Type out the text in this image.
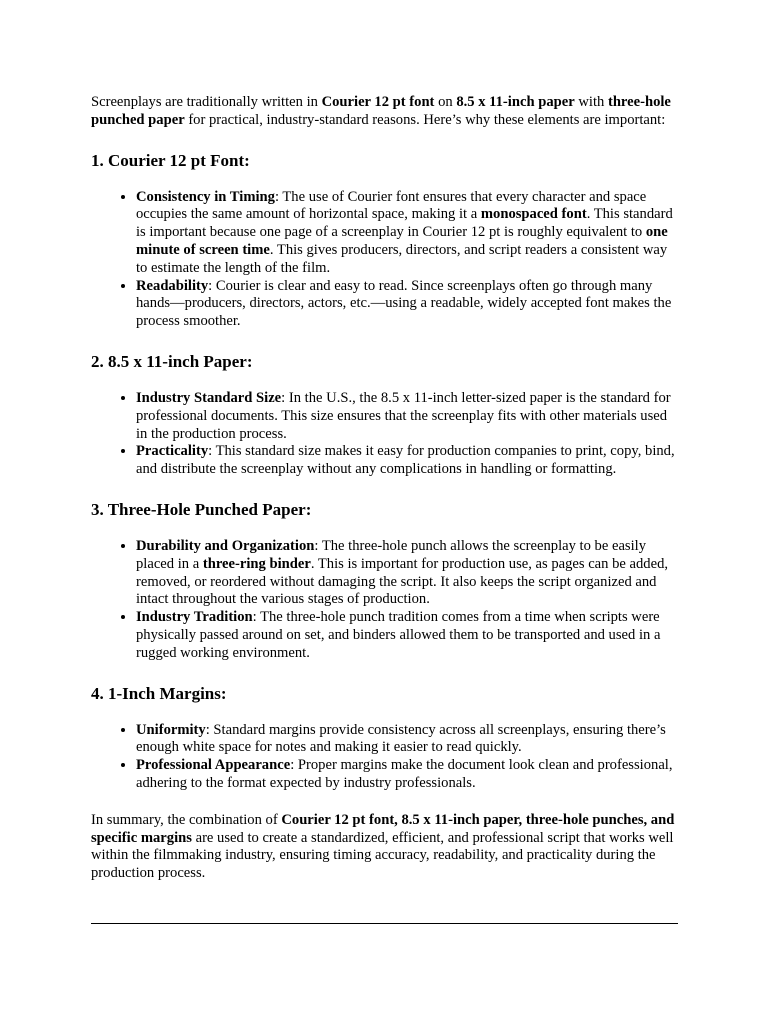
Screenplays are traditionally written in Courier 12 pt font on 8.5 x 11-inch paper with three-hole punched paper for practical, industry-standard reasons. Here’s why these elements are important:

1. Courier 12 pt Font:
• Consistency in Timing: The use of Courier font ensures that every character and space occupies the same amount of horizontal space, making it a monospaced font. This standard is important because one page of a screenplay in Courier 12 pt is roughly equivalent to one minute of screen time. This gives producers, directors, and script readers a consistent way to estimate the length of the film.
• Readability: Courier is clear and easy to read. Since screenplays often go through many hands—producers, directors, actors, etc.—using a readable, widely accepted font makes the process smoother.
2. 8.5 x 11-inch Paper:
• Industry Standard Size: In the U.S., the 8.5 x 11-inch letter-sized paper is the standard for professional documents. This size ensures that the screenplay fits with other materials used in the production process.
• Practicality: This standard size makes it easy for production companies to print, copy, bind, and distribute the screenplay without any complications in handling or formatting.
3. Three-Hole Punched Paper:
• Durability and Organization: The three-hole punch allows the screenplay to be easily placed in a three-ring binder. This is important for production use, as pages can be added, removed, or reordered without damaging the script. It also keeps the script organized and intact throughout the various stages of production.
• Industry Tradition: The three-hole punch tradition comes from a time when scripts were physically passed around on set, and binders allowed them to be transported and used in a rugged working environment.
4. 1-Inch Margins:
• Uniformity: Standard margins provide consistency across all screenplays, ensuring there’s enough white space for notes and making it easier to read quickly.
• Professional Appearance: Proper margins make the document look clean and professional, adhering to the format expected by industry professionals.

In summary, the combination of Courier 12 pt font, 8.5 x 11-inch paper, three-hole punches, and specific margins are used to create a standardized, efficient, and professional script that works well within the filmmaking industry, ensuring timing accuracy, readability, and practicality during the production process.
